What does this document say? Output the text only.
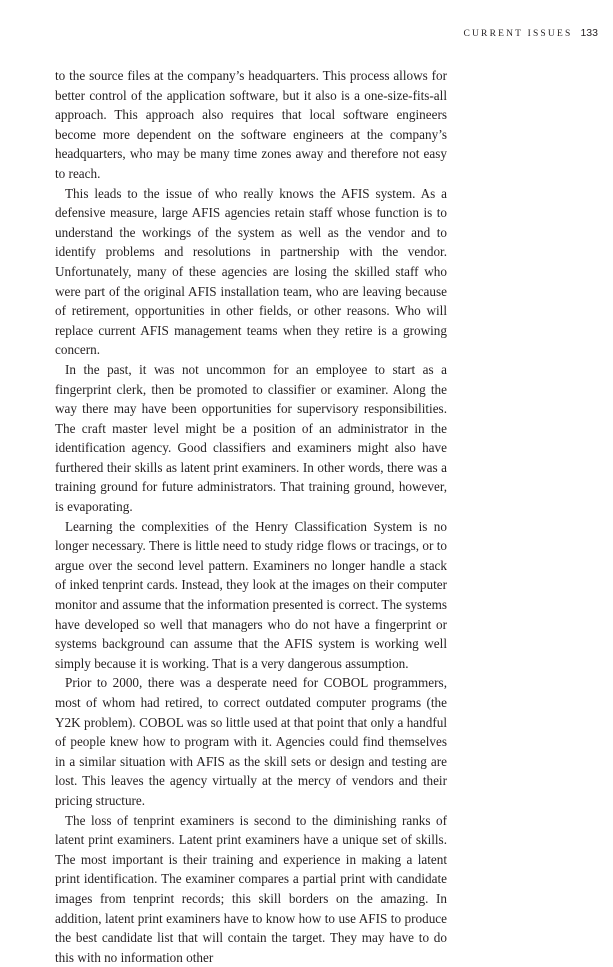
CURRENT ISSUES 133

to the source files at the company’s headquarters. This process allows for better control of the application software, but it also is a one-size-fits-all approach. This approach also requires that local software engineers become more dependent on the software engineers at the company’s headquarters, who may be many time zones away and therefore not easy to reach.

This leads to the issue of who really knows the AFIS system. As a defensive measure, large AFIS agencies retain staff whose function is to understand the workings of the system as well as the vendor and to identify problems and resolutions in partnership with the vendor. Unfortunately, many of these agencies are losing the skilled staff who were part of the original AFIS installation team, who are leaving because of retirement, opportunities in other fields, or other reasons. Who will replace current AFIS management teams when they retire is a growing concern.

In the past, it was not uncommon for an employee to start as a fingerprint clerk, then be promoted to classifier or examiner. Along the way there may have been opportunities for supervisory responsibilities. The craft master level might be a position of an administrator in the identification agency. Good classifiers and examiners might also have furthered their skills as latent print examiners. In other words, there was a training ground for future administrators. That training ground, however, is evaporating.

Learning the complexities of the Henry Classification System is no longer necessary. There is little need to study ridge flows or tracings, or to argue over the second level pattern. Examiners no longer handle a stack of inked tenprint cards. Instead, they look at the images on their computer monitor and assume that the information presented is correct. The systems have developed so well that managers who do not have a fingerprint or systems background can assume that the AFIS system is working well simply because it is working. That is a very dangerous assumption.

Prior to 2000, there was a desperate need for COBOL programmers, most of whom had retired, to correct outdated computer programs (the Y2K problem). COBOL was so little used at that point that only a handful of people knew how to program with it. Agencies could find themselves in a similar situation with AFIS as the skill sets or design and testing are lost. This leaves the agency virtually at the mercy of vendors and their pricing structure.

The loss of tenprint examiners is second to the diminishing ranks of latent print examiners. Latent print examiners have a unique set of skills. The most important is their training and experience in making a latent print identification. The examiner compares a partial print with candidate images from tenprint records; this skill borders on the amazing. In addition, latent print examiners have to know how to use AFIS to produce the best candidate list that will contain the target. They may have to do this with no information other
